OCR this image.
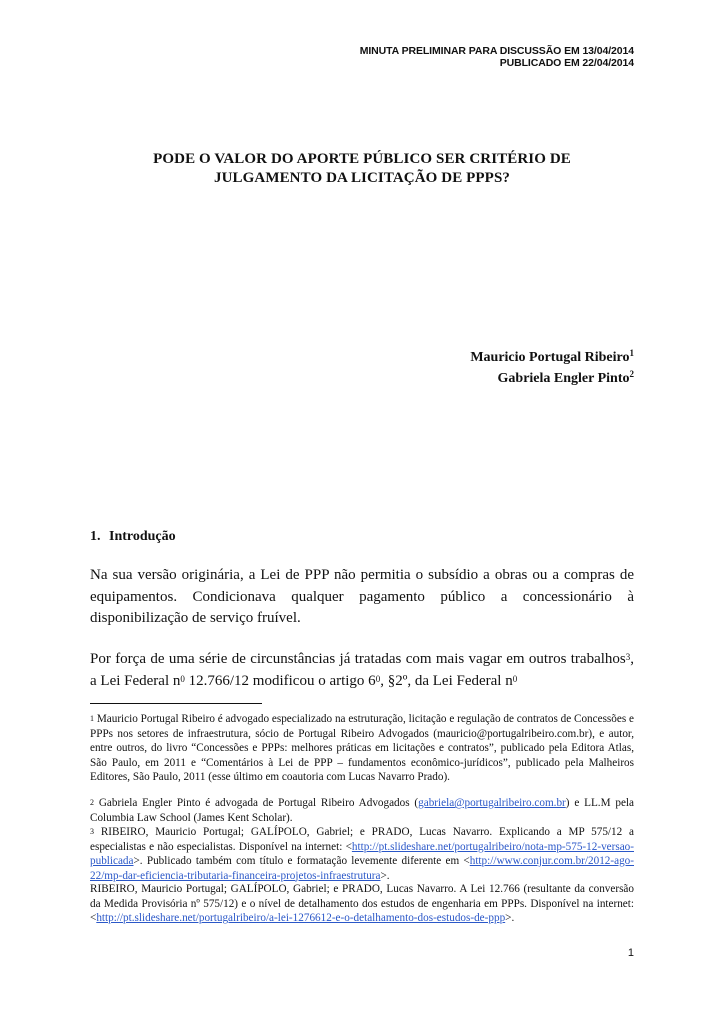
MINUTA PRELIMINAR PARA DISCUSSÃO EM 13/04/2014
PUBLICADO EM 22/04/2014
PODE O VALOR DO APORTE PÚBLICO SER CRITÉRIO DE
JULGAMENTO DA LICITAÇÃO DE PPPS?
Mauricio Portugal Ribeiro$^1$
Gabriela Engler Pinto$^2$
1. Introdução

Na sua versão originária, a Lei de PPP não permitia o subsídio a obras ou a compras de equipamentos. Condicionava qualquer pagamento público a concessionário à disponibilização de serviço fruível.

Por força de uma série de circunstâncias já tratadas com mais vagar em outros trabalhos$^3$, a Lei Federal $n^0$ 12.766/12 modificou o artigo $6^0$, §2º, da Lei Federal $n^0$

$^1$ Mauricio Portugal Ribeiro é advogado especializado na estruturação, licitação e regulação de contratos de Concessões e PPPs nos setores de infraestrutura, sócio de Portugal Ribeiro Advogados (mauricio@portugalribeiro.com.br), e autor, entre outros, do livro “Concessões e PPPs: melhores práticas em licitações e contratos”, publicado pela Editora Atlas, São Paulo, em 2011 e “Comentários à Lei de PPP – fundamentos econômico-jurídicos”, publicado pela Malheiros Editores, São Paulo, 2011 (esse último em coautoria com Lucas Navarro Prado).
$^2$ Gabriela Engler Pinto é advogada de Portugal Ribeiro Advogados (gabriela@portugalribeiro.com.br) e LL.M pela Columbia Law School (James Kent Scholar).
$^3$ RIBEIRO, Mauricio Portugal; GALÍPOLO, Gabriel; e PRADO, Lucas Navarro. Explicando a MP 575/12 a especialistas e não especialistas. Disponível na internet: <http://pt.slideshare.net/portugalribeiro/nota-mp-575-12-versao-publicada>. Publicado também com título e formatação levemente diferente em <http://www.conjur.com.br/2012-ago-22/mp-dar-eficiencia-tributaria-financeira-projetos-infraestrutura>.
RIBEIRO, Mauricio Portugal; GALÍPOLO, Gabriel; e PRADO, Lucas Navarro. A Lei 12.766 (resultante da conversão da Medida Provisória nº 575/12) e o nível de detalhamento dos estudos de engenharia em PPPs. Disponível na internet: <http://pt.slideshare.net/portugalribeiro/a-lei-1276612-e-o-detalhamento-dos-estudos-de-ppp>.
1
